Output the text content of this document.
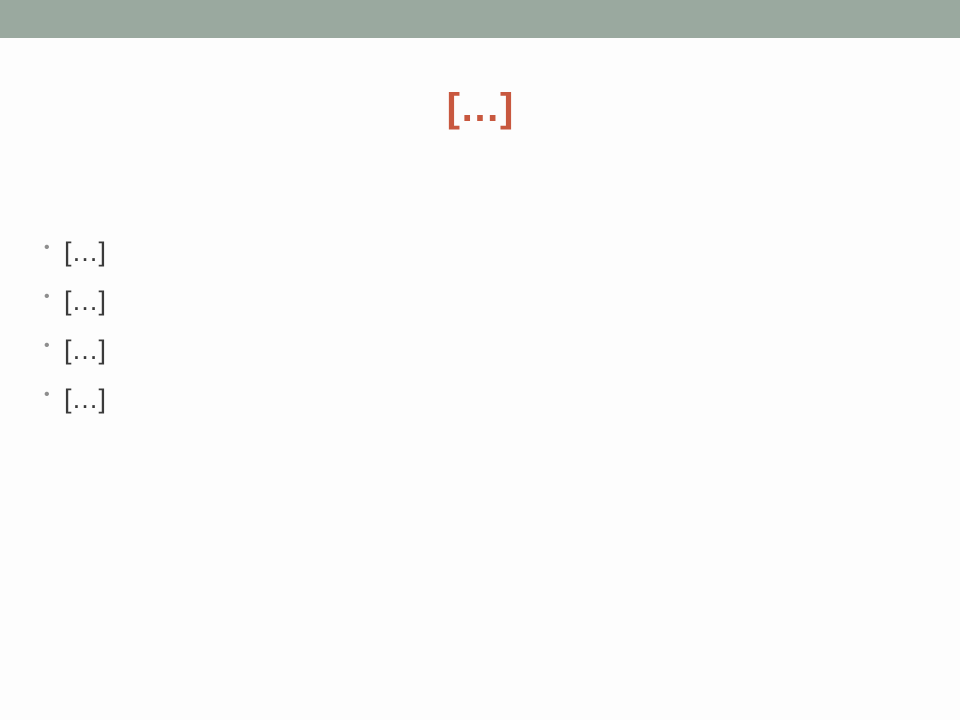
[…]
• […]
• […]
• […]
• […]
